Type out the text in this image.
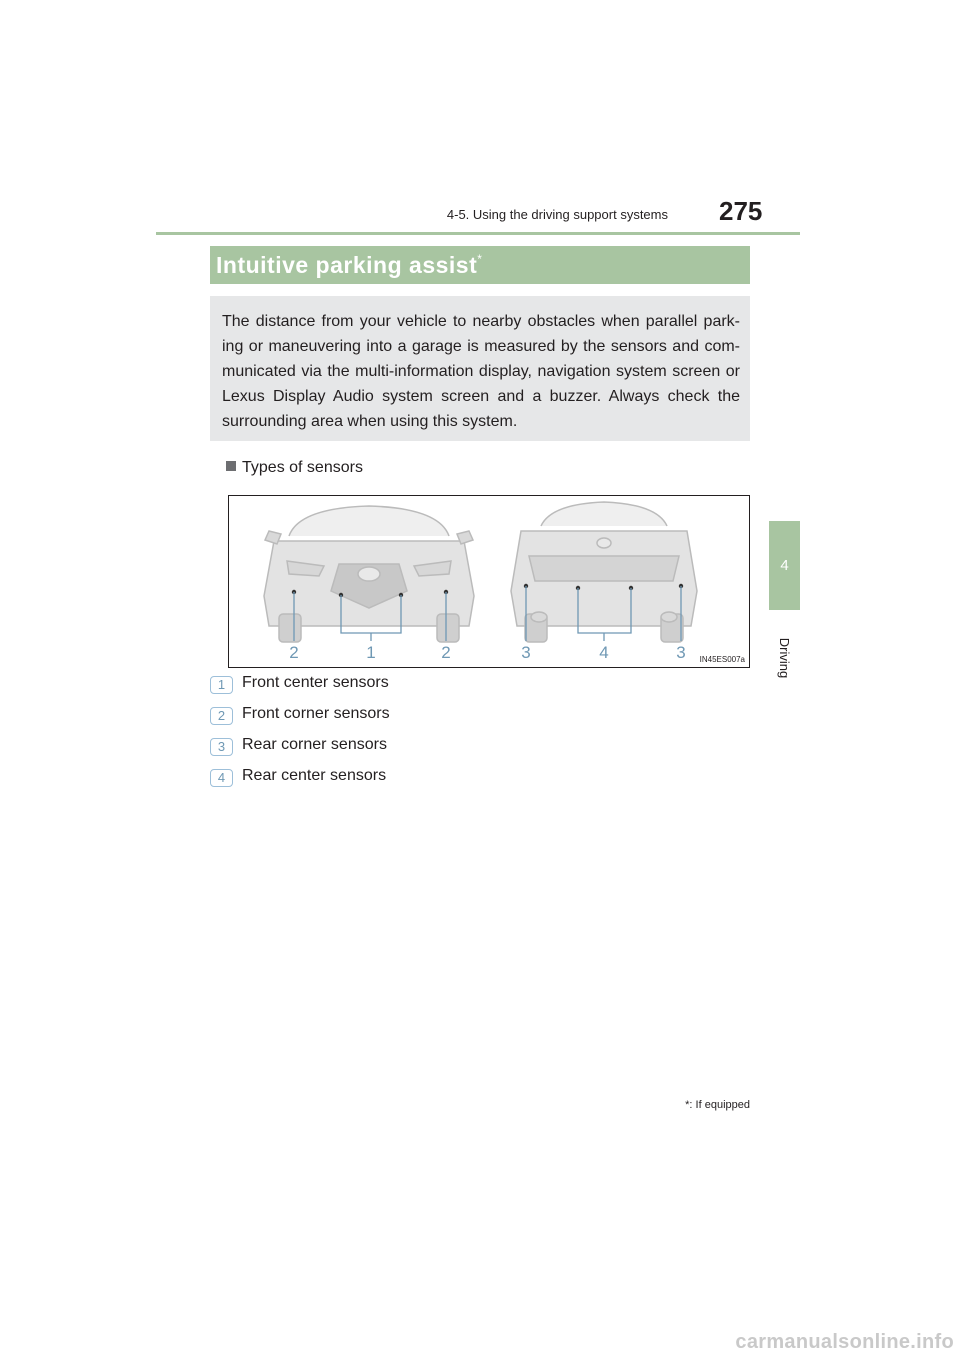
4-5. Using the driving support systems 275
4
Driving
Intuitive parking assist*
The distance from your vehicle to nearby obstacles when parallel park- ing or maneuvering into a garage is measured by the sensors and com- municated via the multi-information display, navigation system screen or Lexus Display Audio system screen and a buzzer. Always check the surrounding area when using this system.
Types of sensors
2	1	2	3	4	3	IN45ES007a
1	Front center sensors
2	Front corner sensors
3	Rear corner sensors
4	Rear center sensors
*: If equipped
carmanualsonline.info
